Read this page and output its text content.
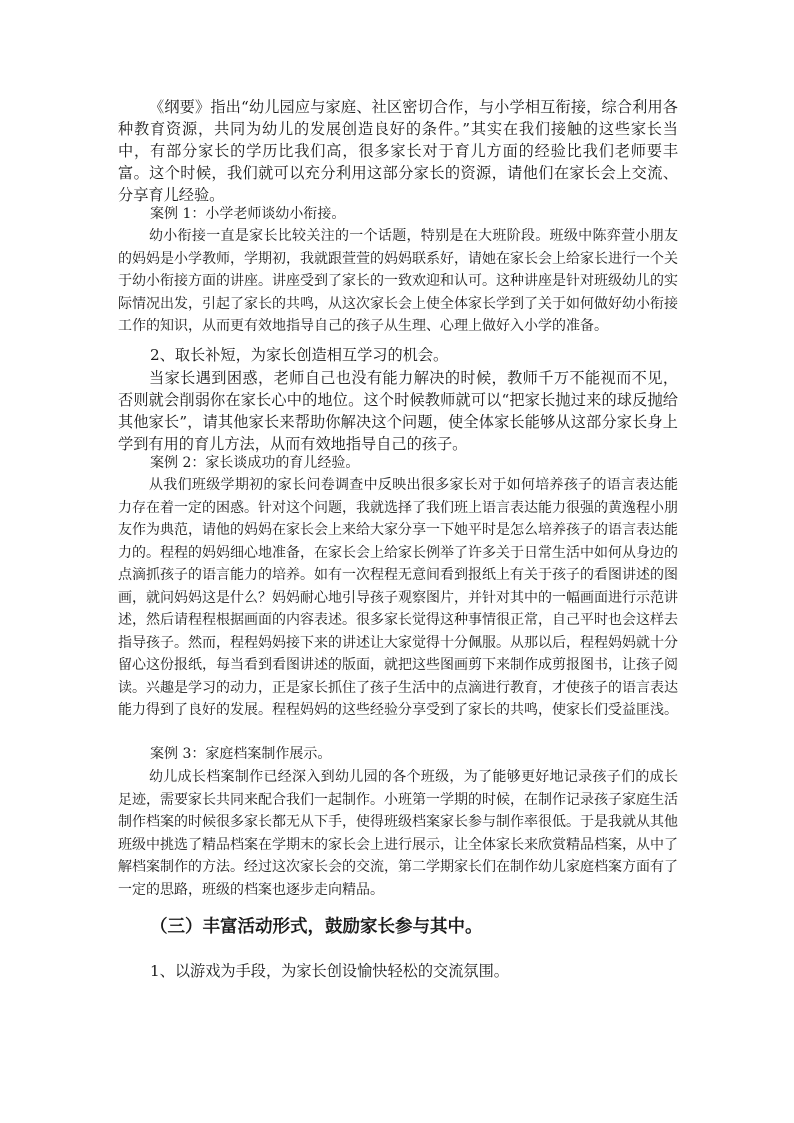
《纲要》指出“幼儿园应与家庭、社区密切合作，与小学相互衔接，综合利用各种教育资源，共同为幼儿的发展创造良好的条件。”其实在我们接触的这些家长当中，有部分家长的学历比我们高，很多家长对于育儿方面的经验比我们老师要丰富。这个时候，我们就可以充分利用这部分家长的资源，请他们在家长会上交流、分享育儿经验。

案例 1：小学老师谈幼小衔接。

幼小衔接一直是家长比较关注的一个话题，特别是在大班阶段。班级中陈弈萱小朋友的妈妈是小学教师，学期初，我就跟萱萱的妈妈联系好，请她在家长会上给家长进行一个关于幼小衔接方面的讲座。讲座受到了家长的一致欢迎和认可。这种讲座是针对班级幼儿的实际情况出发，引起了家长的共鸣，从这次家长会上使全体家长学到了关于如何做好幼小衔接工作的知识，从而更有效地指导自己的孩子从生理、心理上做好入小学的准备。

2、取长补短，为家长创造相互学习的机会。

当家长遇到困惑，老师自己也没有能力解决的时候，教师千万不能视而不见，否则就会削弱你在家长心中的地位。这个时候教师就可以“把家长抛过来的球反抛给其他家长”，请其他家长来帮助你解决这个问题，使全体家长能够从这部分家长身上学到有用的育儿方法，从而有效地指导自己的孩子。

案例 2：家长谈成功的育儿经验。

从我们班级学期初的家长问卷调查中反映出很多家长对于如何培养孩子的语言表达能力存在着一定的困惑。针对这个问题，我就选择了我们班上语言表达能力很强的黄逸程小朋友作为典范，请他的妈妈在家长会上来给大家分享一下她平时是怎么培养孩子的语言表达能力的。程程的妈妈细心地准备，在家长会上给家长例举了许多关于日常生活中如何从身边的点滴抓孩子的语言能力的培养。如有一次程程无意间看到报纸上有关于孩子的看图讲述的图画，就问妈妈这是什么？妈妈耐心地引导孩子观察图片，并针对其中的一幅画面进行示范讲述，然后请程程根据画面的内容表述。很多家长觉得这种事情很正常，自己平时也会这样去指导孩子。然而，程程妈妈接下来的讲述让大家觉得十分佩服。从那以后，程程妈妈就十分留心这份报纸，每当看到看图讲述的版面，就把这些图画剪下来制作成剪报图书，让孩子阅读。兴趣是学习的动力，正是家长抓住了孩子生活中的点滴进行教育，才使孩子的语言表达能力得到了良好的发展。程程妈妈的这些经验分享受到了家长的共鸣，使家长们受益匪浅。

案例 3：家庭档案制作展示。

幼儿成长档案制作已经深入到幼儿园的各个班级，为了能够更好地记录孩子们的成长足迹，需要家长共同来配合我们一起制作。小班第一学期的时候，在制作记录孩子家庭生活制作档案的时候很多家长都无从下手，使得班级档案家长参与制作率很低。于是我就从其他班级中挑选了精品档案在学期末的家长会上进行展示，让全体家长来欣赏精品档案，从中了解档案制作的方法。经过这次家长会的交流，第二学期家长们在制作幼儿家庭档案方面有了一定的思路，班级的档案也逐步走向精品。

（三）丰富活动形式，鼓励家长参与其中。

1、以游戏为手段，为家长创设愉快轻松的交流氛围。
